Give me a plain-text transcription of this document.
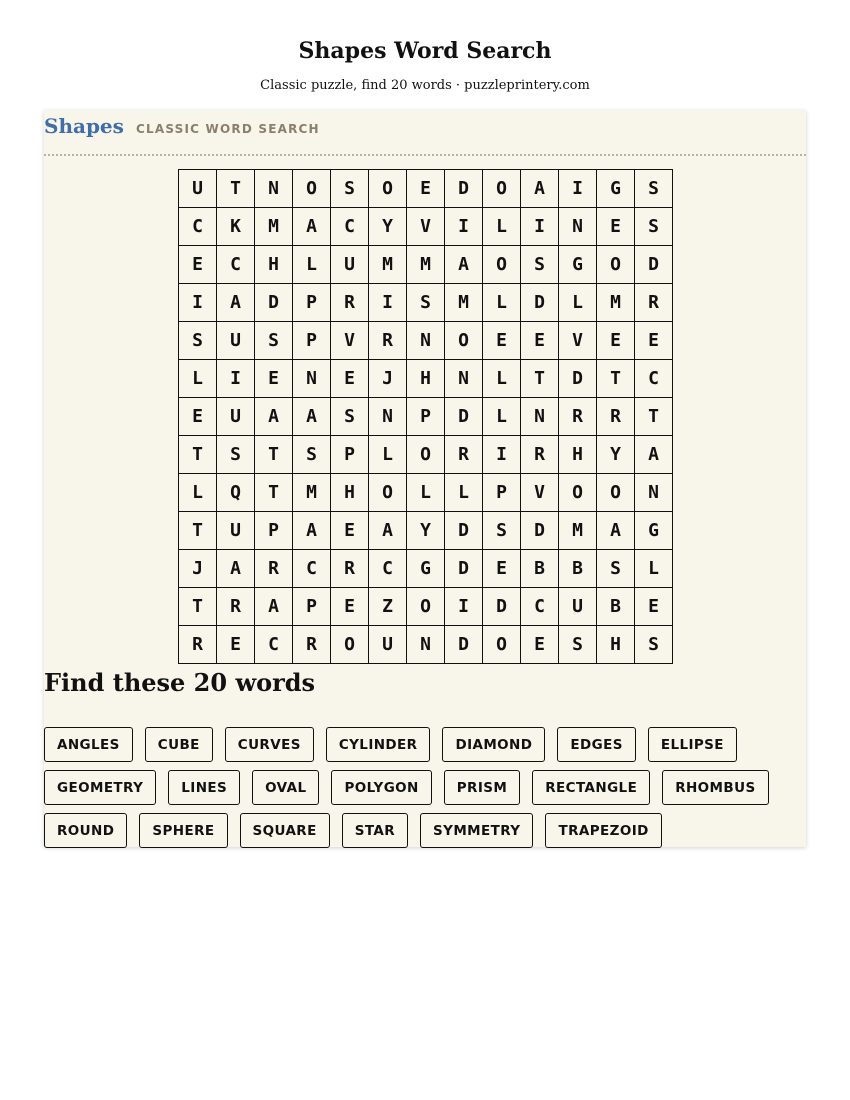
Shapes Word Search
Classic puzzle, find 20 words · puzzleprintery.com
Shapes CLASSIC WORD SEARCH
U	T	N	O	S	O	E	D	O	A	I	G	S
C	K	M	A	C	Y	V	I	L	I	N	E	S
E	C	H	L	U	M	M	A	O	S	G	O	D
I	A	D	P	R	I	S	M	L	D	L	M	R
S	U	S	P	V	R	N	O	E	E	V	E	E
L	I	E	N	E	J	H	N	L	T	D	T	C
E	U	A	A	S	N	P	D	L	N	R	R	T
T	S	T	S	P	L	O	R	I	R	H	Y	A
L	Q	T	M	H	O	L	L	P	V	O	O	N
T	U	P	A	E	A	Y	D	S	D	M	A	G
J	A	R	C	R	C	G	D	E	B	B	S	L
T	R	A	P	E	Z	O	I	D	C	U	B	E
R	E	C	R	O	U	N	D	O	E	S	H	S
Find these 20 words
ANGLES	CUBE	CURVES	CYLINDER	DIAMOND	EDGES	ELLIPSE
GEOMETRY	LINES	OVAL	POLYGON	PRISM	RECTANGLE	RHOMBUS
ROUND	SPHERE	SQUARE	STAR	SYMMETRY	TRAPEZOID
